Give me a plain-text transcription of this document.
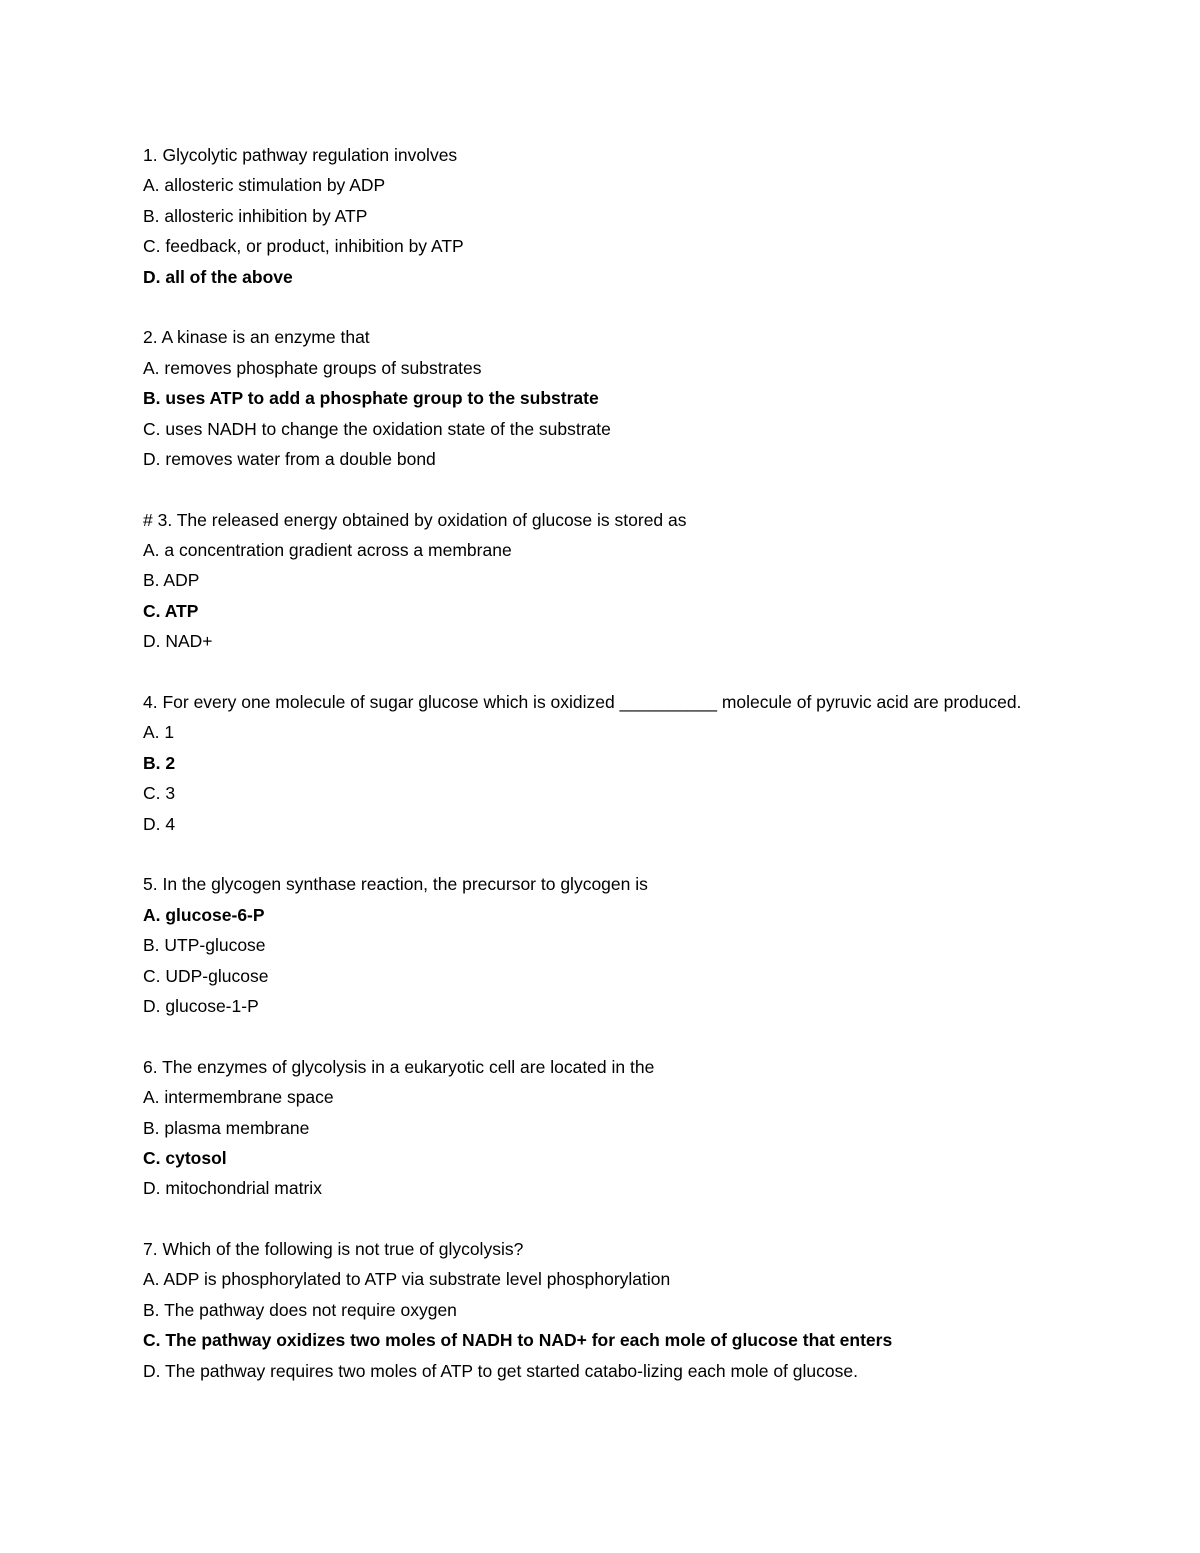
1. Glycolytic pathway regulation involves
A. allosteric stimulation by ADP
B. allosteric inhibition by ATP
C. feedback, or product, inhibition by ATP
D. all of the above
2. A kinase is an enzyme that
A. removes phosphate groups of substrates
B. uses ATP to add a phosphate group to the substrate
C. uses NADH to change the oxidation state of the substrate
D. removes water from a double bond
# 3. The released energy obtained by oxidation of glucose is stored as
A. a concentration gradient across a membrane
B. ADP
C. ATP
D. NAD+
4. For every one molecule of sugar glucose which is oxidized __________ molecule of pyruvic acid are produced.
A. 1
B. 2
C. 3
D. 4
5. In the glycogen synthase reaction, the precursor to glycogen is
A. glucose-6-P
B. UTP-glucose
C. UDP-glucose
D. glucose-1-P
6. The enzymes of glycolysis in a eukaryotic cell are located in the
A. intermembrane space
B. plasma membrane
C. cytosol
D. mitochondrial matrix
7. Which of the following is not true of glycolysis?
A. ADP is phosphorylated to ATP via substrate level phosphorylation
B. The pathway does not require oxygen
C. The pathway oxidizes two moles of NADH to NAD+ for each mole of glucose that enters
D. The pathway requires two moles of ATP to get started catabo-lizing each mole of glucose.
